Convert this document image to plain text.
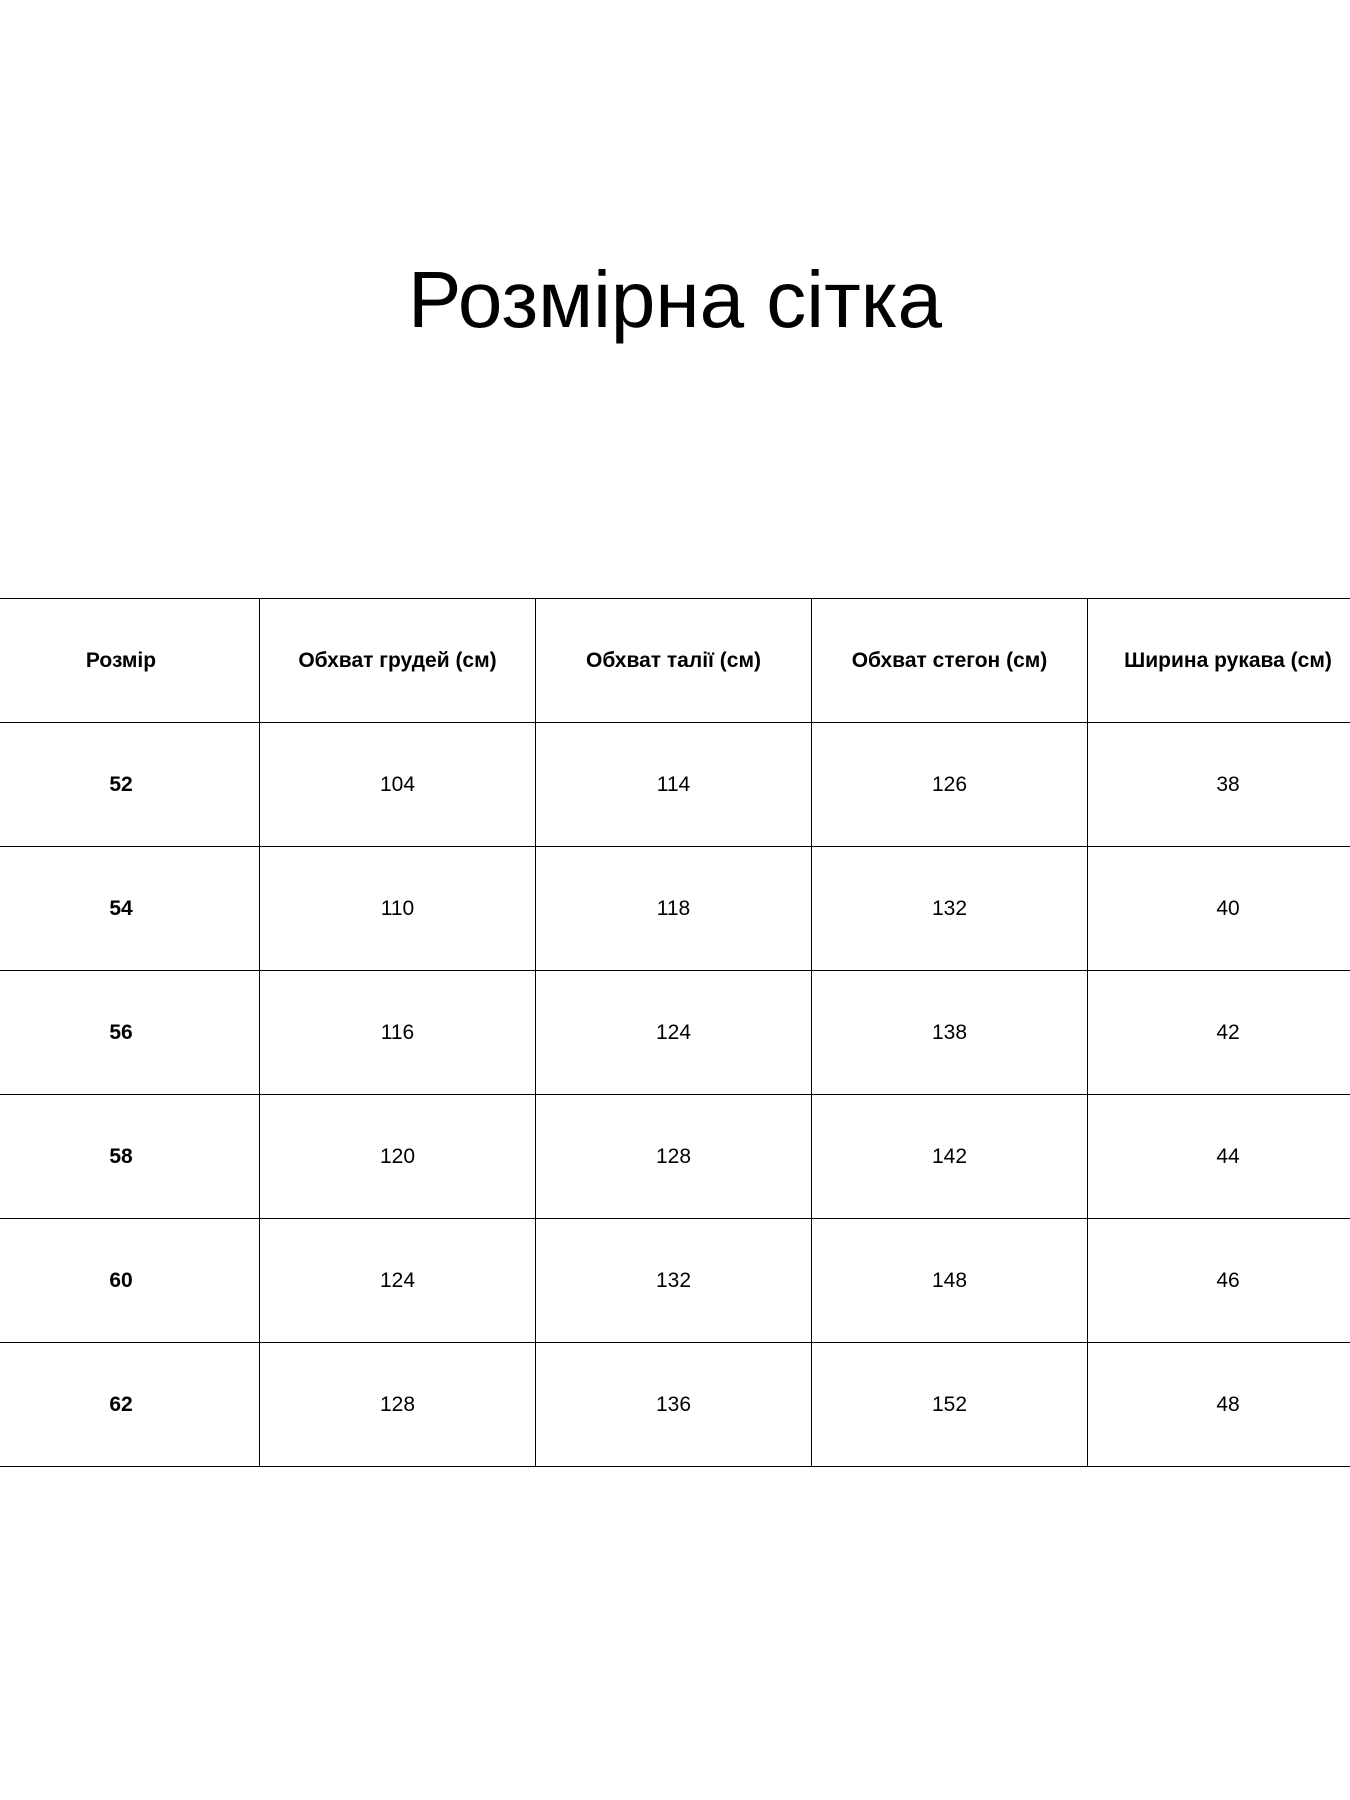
Розмірна сітка
Розмір	Обхват грудей (см)	Обхват талії (см)	Обхват стегон (см)	Ширина рукава (см)
52	104	114	126	38
54	110	118	132	40
56	116	124	138	42
58	120	128	142	44
60	124	132	148	46
62	128	136	152	48
